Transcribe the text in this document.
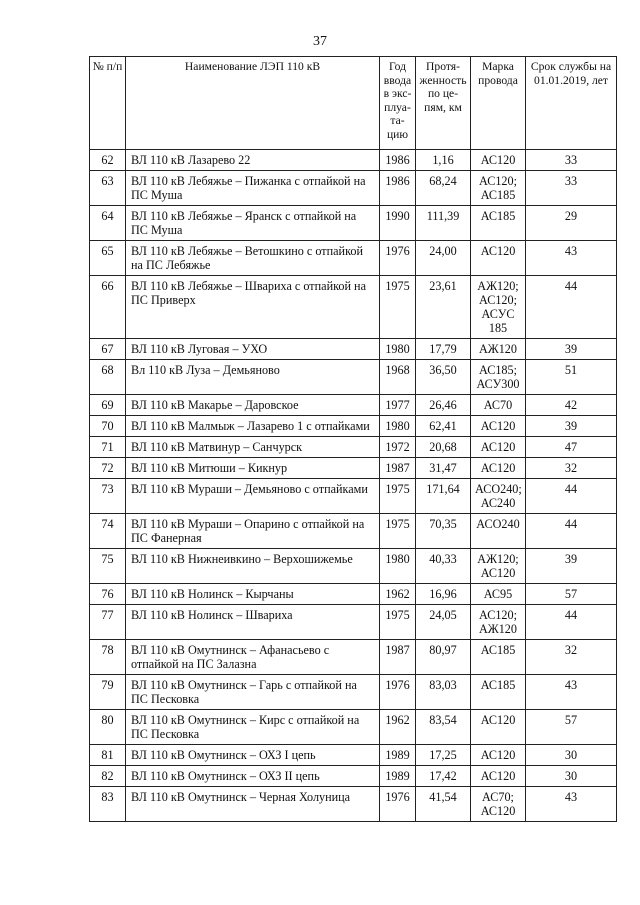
37
№ п/п	Наименование ЛЭП 110 кВ	Год ввода в экс-плуа-та-цию	Протя-женность по це-пям, км	Марка провода	Срок службы на 01.01.2019, лет
62	ВЛ 110 кВ Лазарево 22	1986	1,16	АС120	33
63	ВЛ 110 кВ Лебяжье – Пижанка с отпайкой на ПС Муша	1986	68,24	АС120; АС185	33
64	ВЛ 110 кВ Лебяжье – Яранск с отпайкой на ПС Муша	1990	111,39	АС185	29
65	ВЛ 110 кВ Лебяжье – Ветошкино с отпайкой на ПС Лебяжье	1976	24,00	АС120	43
66	ВЛ 110 кВ Лебяжье – Швариха с отпайкой на ПС Приверх	1975	23,61	АЖ120; АС120; АСУС 185	44
67	ВЛ 110 кВ Луговая – УХО	1980	17,79	АЖ120	39
68	Вл 110 кВ Луза – Демьяново	1968	36,50	АС185; АСУ300	51
69	ВЛ 110 кВ Макарье – Даровское	1977	26,46	АС70	42
70	ВЛ 110 кВ Малмыж – Лазарево 1 с отпайками	1980	62,41	АС120	39
71	ВЛ 110 кВ Матвинур – Санчурск	1972	20,68	АС120	47
72	ВЛ 110 кВ Митюши – Кикнур	1987	31,47	АС120	32
73	ВЛ 110 кВ Мураши – Демьяново с отпайками	1975	171,64	АСО240; АС240	44
74	ВЛ 110 кВ Мураши – Опарино с отпайкой на ПС Фанерная	1975	70,35	АСО240	44
75	ВЛ 110 кВ Нижнеивкино – Верхошижемье	1980	40,33	АЖ120; АС120	39
76	ВЛ 110 кВ Нолинск – Кырчаны	1962	16,96	АС95	57
77	ВЛ 110 кВ Нолинск – Швариха	1975	24,05	АС120; АЖ120	44
78	ВЛ 110 кВ Омутнинск – Афанасьево с отпайкой на ПС Залазна	1987	80,97	АС185	32
79	ВЛ 110 кВ Омутнинск – Гарь с отпайкой на ПС Песковка	1976	83,03	АС185	43
80	ВЛ 110 кВ Омутнинск – Кирс с отпайкой на ПС Песковка	1962	83,54	АС120	57
81	ВЛ 110 кВ Омутнинск – ОХЗ I цепь	1989	17,25	АС120	30
82	ВЛ 110 кВ Омутнинск – ОХЗ II цепь	1989	17,42	АС120	30
83	ВЛ 110 кВ Омутнинск – Черная Холуница	1976	41,54	АС70; АС120	43
